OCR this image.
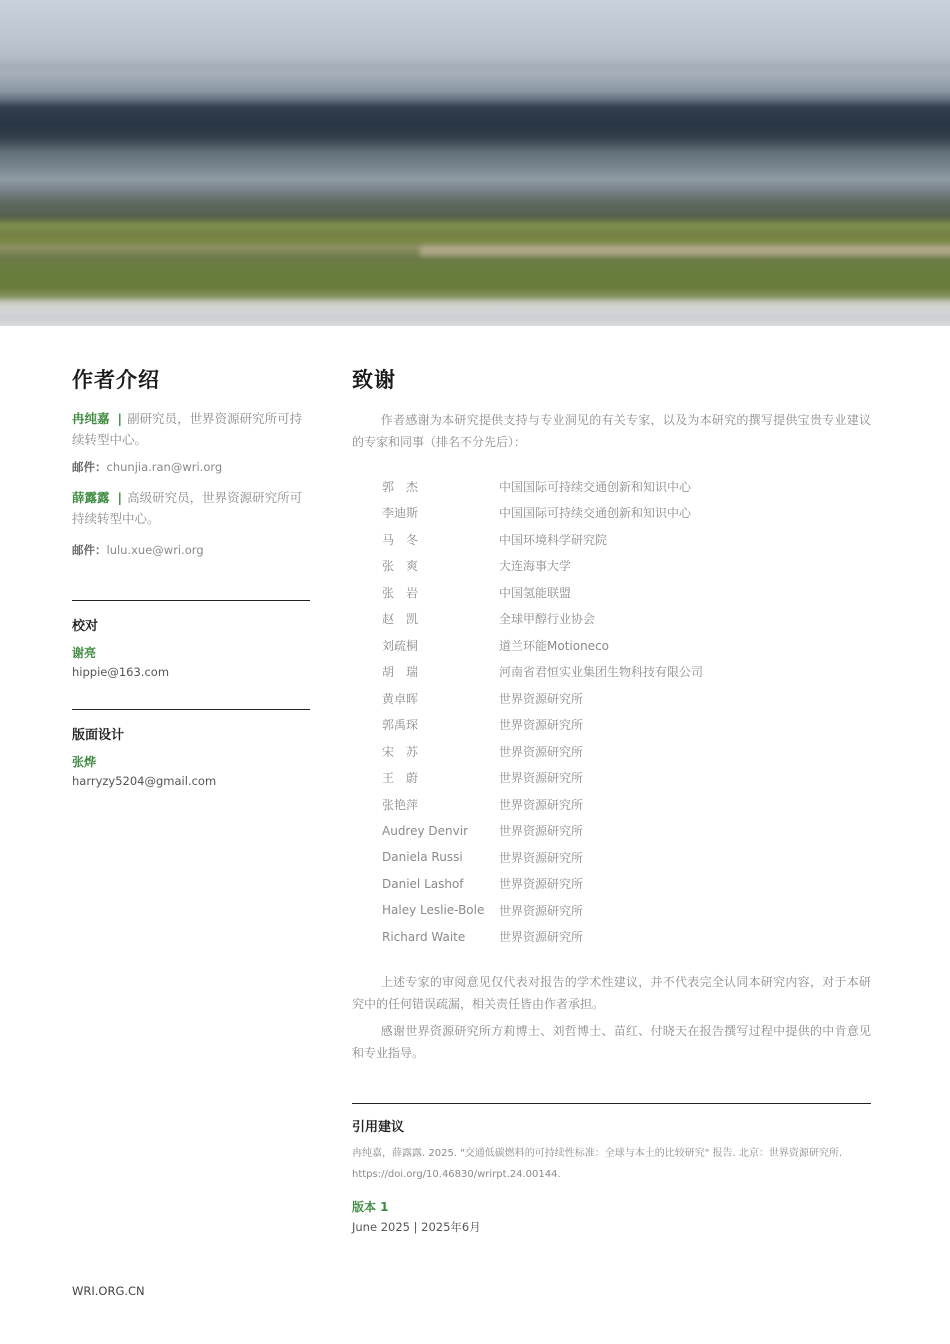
作者介绍
冉纯嘉 | 副研究员，世界资源研究所可持续转型中心。
邮件：chunjia.ran@wri.org
薛露露 | 高级研究员，世界资源研究所可持续转型中心。
邮件：lulu.xue@wri.org
校对
谢亮
hippie@163.com
版面设计
张烨
harryzy5204@gmail.com
致谢

作者感谢为本研究提供支持与专业洞见的有关专家，以及为本研究的撰写提供宝贵专业建议的专家和同事（排名不分先后）：

郭　杰	中国国际可持续交通创新和知识中心
李迪斯	中国国际可持续交通创新和知识中心
马　冬	中国环境科学研究院
张　爽	大连海事大学
张　岩	中国氢能联盟
赵　凯	全球甲醇行业协会
刘疏桐	道兰环能Motioneco
胡　瑞	河南省君恒实业集团生物科技有限公司
黄卓晖	世界资源研究所
郭禹琛	世界资源研究所
宋　苏	世界资源研究所
王　蔚	世界资源研究所
张艳萍	世界资源研究所
Audrey Denvir	世界资源研究所
Daniela Russi	世界资源研究所
Daniel Lashof	世界资源研究所
Haley Leslie-Bole	世界资源研究所
Richard Waite	世界资源研究所

上述专家的审阅意见仅代表对报告的学术性建议，并不代表完全认同本研究内容，对于本研究中的任何错误疏漏，相关责任皆由作者承担。

感谢世界资源研究所方莉博士、刘哲博士、苗红、付晓天在报告撰写过程中提供的中肯意见和专业指导。

引用建议
冉纯嘉，薛露露. 2025. "交通低碳燃料的可持续性标准：全球与本土的比较研究" 报告. 北京：世界资源研究所. https://doi.org/10.46830/wrirpt.24.00144.
版本 1
June 2025 | 2025年6月
WRI.ORG.CN
